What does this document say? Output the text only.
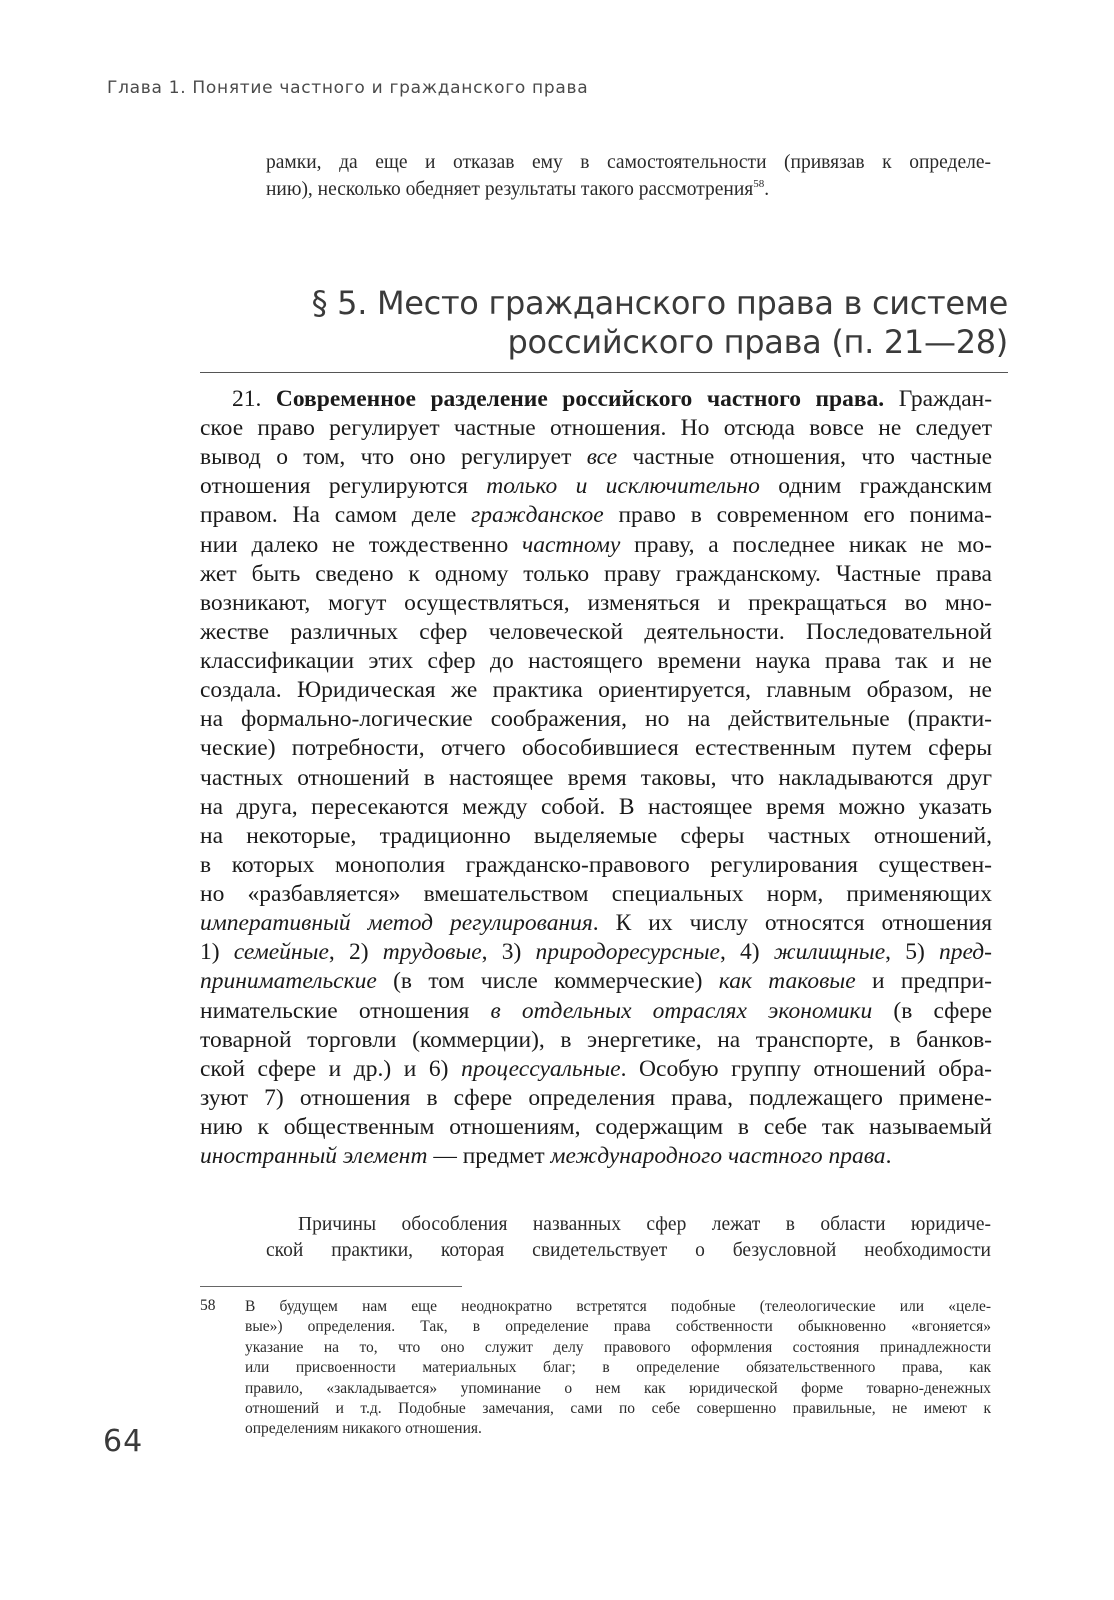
Глава 1. Понятие частного и гражданского права
рамки, да еще и отказав ему в самостоятельности (привязав к определе-
нию), несколько обедняет результаты такого рассмотрения$^{58}$.
§ 5. Место гражданского права в системе
российского права (п. 21—28)
21. Современное разделение российского частного права. Граждан-
ское право регулирует частные отношения. Но отсюда вовсе не следует
вывод о том, что оно регулирует все частные отношения, что частные
отношения регулируются только и исключительно одним гражданским
правом. На самом деле гражданское право в современном его понима-
нии далеко не тождественно частному праву, а последнее никак не мо-
жет быть сведено к одному только праву гражданскому. Частные права
возникают, могут осуществляться, изменяться и прекращаться во мно-
жестве различных сфер человеческой деятельности. Последовательной
классификации этих сфер до настоящего времени наука права так и не
создала. Юридическая же практика ориентируется, главным образом, не
на формально-логические соображения, но на действительные (практи-
ческие) потребности, отчего обособившиеся естественным путем сферы
частных отношений в настоящее время таковы, что накладываются друг
на друга, пересекаются между собой. В настоящее время можно указать
на некоторые, традиционно выделяемые сферы частных отношений,
в которых монополия гражданско-правового регулирования существен-
но «разбавляется» вмешательством специальных норм, применяющих
императивный метод регулирования. К их числу относятся отношения
1) семейные, 2) трудовые, 3) природоресурсные, 4) жилищные, 5) пред-
принимательские (в том числе коммерческие) как таковые и предпри-
нимательские отношения в отдельных отраслях экономики (в сфере
товарной торговли (коммерции), в энергетике, на транспорте, в банков-
ской сфере и др.) и 6) процессуальные. Особую группу отношений обра-
зуют 7) отношения в сфере определения права, подлежащего примене-
нию к общественным отношениям, содержащим в себе так называемый
иностранный элемент — предмет международного частного права.
Причины обособления названных сфер лежат в области юридиче-
ской практики, которая свидетельствует о безусловной необходимости
58 В будущем нам еще неоднократно встретятся подобные (телеологические или «целе-
вые») определения. Так, в определение права собственности обыкновенно «вгоняется»
указание на то, что оно служит делу правового оформления состояния принадлежности
или присвоенности материальных благ; в определение обязательственного права, как
правило, «закладывается» упоминание о нем как юридической форме товарно-денежных
отношений и т.д. Подобные замечания, сами по себе совершенно правильные, не имеют к
определениям никакого отношения.
64
